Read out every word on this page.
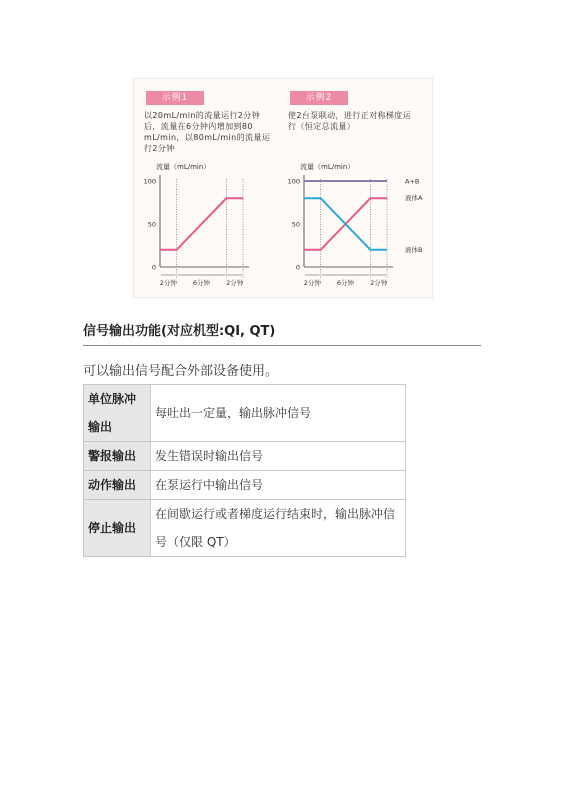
示例1
以20mL/min的流量运行2分钟后，流量在6分钟内增加到80 mL/min，以80mL/min的流量运行2分钟
流量（mL/min）
100
50
0
2分钟 6分钟 2分钟
示例2
使2台泵联动，进行正对称梯度运行（恒定总流量）
流量（mL/min）
100
50
0
2分钟 6分钟 2分钟
A+B
液体A
液体B
信号输出功能(对应机型:QI, QT)
可以输出信号配合外部设备使用。
单位脉冲输出	每吐出一定量，输出脉冲信号
警报输出	发生错误时输出信号
动作输出	在泵运行中输出信号
停止输出	在间歇运行或者梯度运行结束时，输出脉冲信号（仅限 QT）
